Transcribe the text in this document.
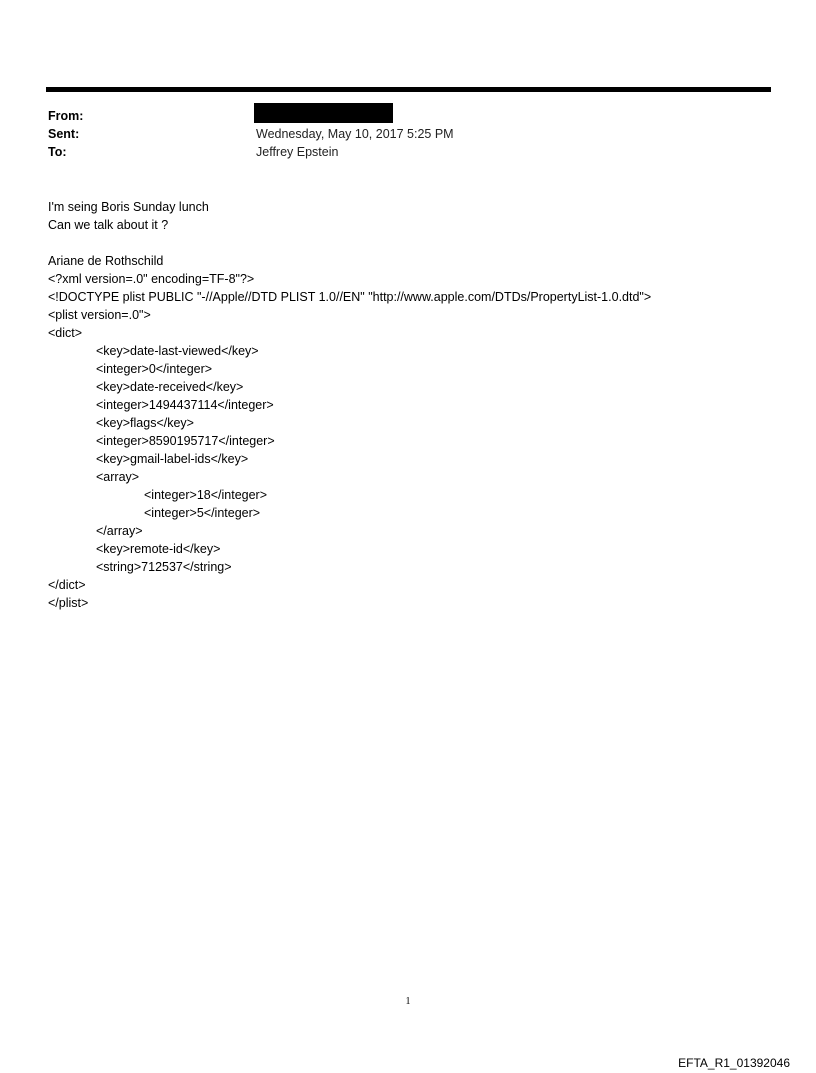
From:
Sent:	Wednesday, May 10, 2017 5:25 PM
To:	Jeffrey Epstein
I'm seing Boris Sunday lunch
Can we talk about it ?
Ariane de Rothschild
<?xml version=.0" encoding=TF-8"?>
<!DOCTYPE plist PUBLIC "-//Apple//DTD PLIST 1.0//EN" "http://www.apple.com/DTDs/PropertyList-1.0.dtd">
<plist version=.0">
<dict>
<key>date-last-viewed</key>
<integer>0</integer>
<key>date-received</key>
<integer>1494437114</integer>
<key>flags</key>
<integer>8590195717</integer>
<key>gmail-label-ids</key>
<array>
<integer>18</integer>
<integer>5</integer>
</array>
<key>remote-id</key>
<string>712537</string>
</dict>
</plist>
1
EFTA_R1_01392046
